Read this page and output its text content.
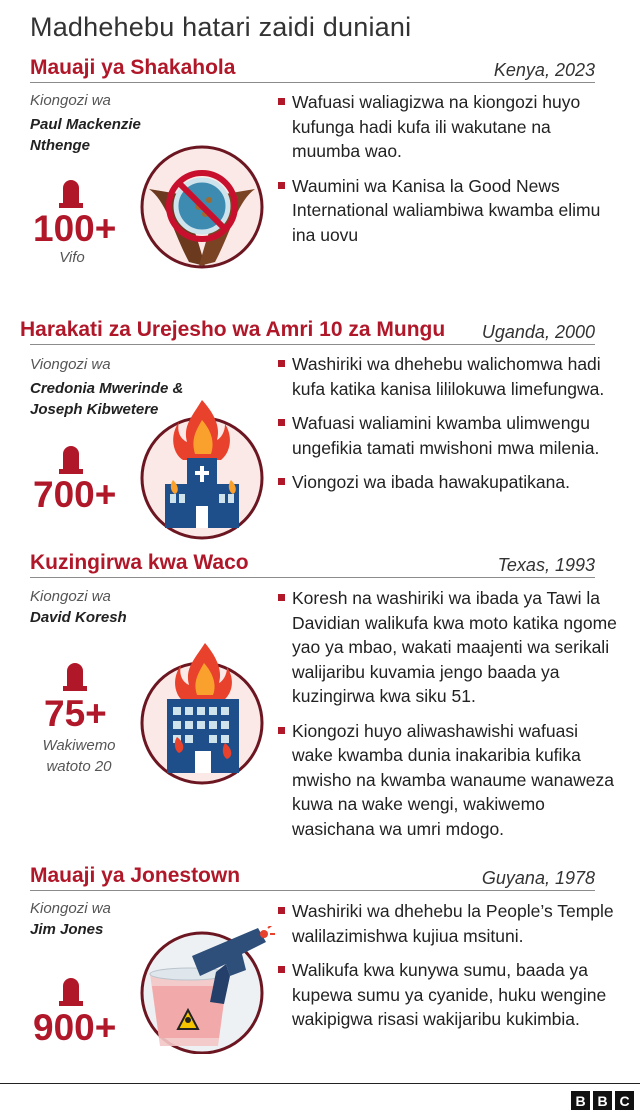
Madhehebu hatari zaidi duniani
Mauaji ya Shakahola	Kenya, 2023
Kiongozi wa
Paul Mackenzie
Nthenge
100+
Vifo
Wafuasi waliagizwa na kiongozi huyo kufunga hadi kufa ili wakutane na muumba wao.
Waumini wa Kanisa la Good News International waliambiwa kwamba elimu ina uovu
Harakati za Urejesho wa Amri 10 za Mungu Uganda, 2000
Viongozi wa
Credonia Mwerinde &
Joseph Kibwetere
700+
Washiriki wa dhehebu walichomwa hadi kufa katika kanisa lililokuwa limefungwa.
Wafuasi waliamini kwamba ulimwengu ungefikia tamati mwishoni mwa milenia.
Viongozi wa ibada hawakupatikana.
Kuzingirwa kwa Waco	Texas, 1993
Kiongozi wa
David Koresh
75+
Wakiwemo
watoto 20
Koresh na washiriki wa ibada ya Tawi la Davidian walikufa kwa moto katika ngome yao ya mbao, wakati maajenti wa serikali walijaribu kuvamia jengo baada ya kuzingirwa kwa siku 51.
Kiongozi huyo aliwashawishi wafuasi wake kwamba dunia inakaribia kufika mwisho na kwamba wanaume wanaweza kuwa na wake wengi, wakiwemo wasichana wa umri mdogo.
Mauaji ya Jonestown	Guyana, 1978
Kiongozi wa
Jim Jones
900+
Washiriki wa dhehebu la People’s Temple walilazimishwa kujiua msituni.
Walikufa kwa kunywa sumu, baada ya kupewa sumu ya cyanide, huku wengine wakipigwa risasi wakijaribu kukimbia.
B B C
